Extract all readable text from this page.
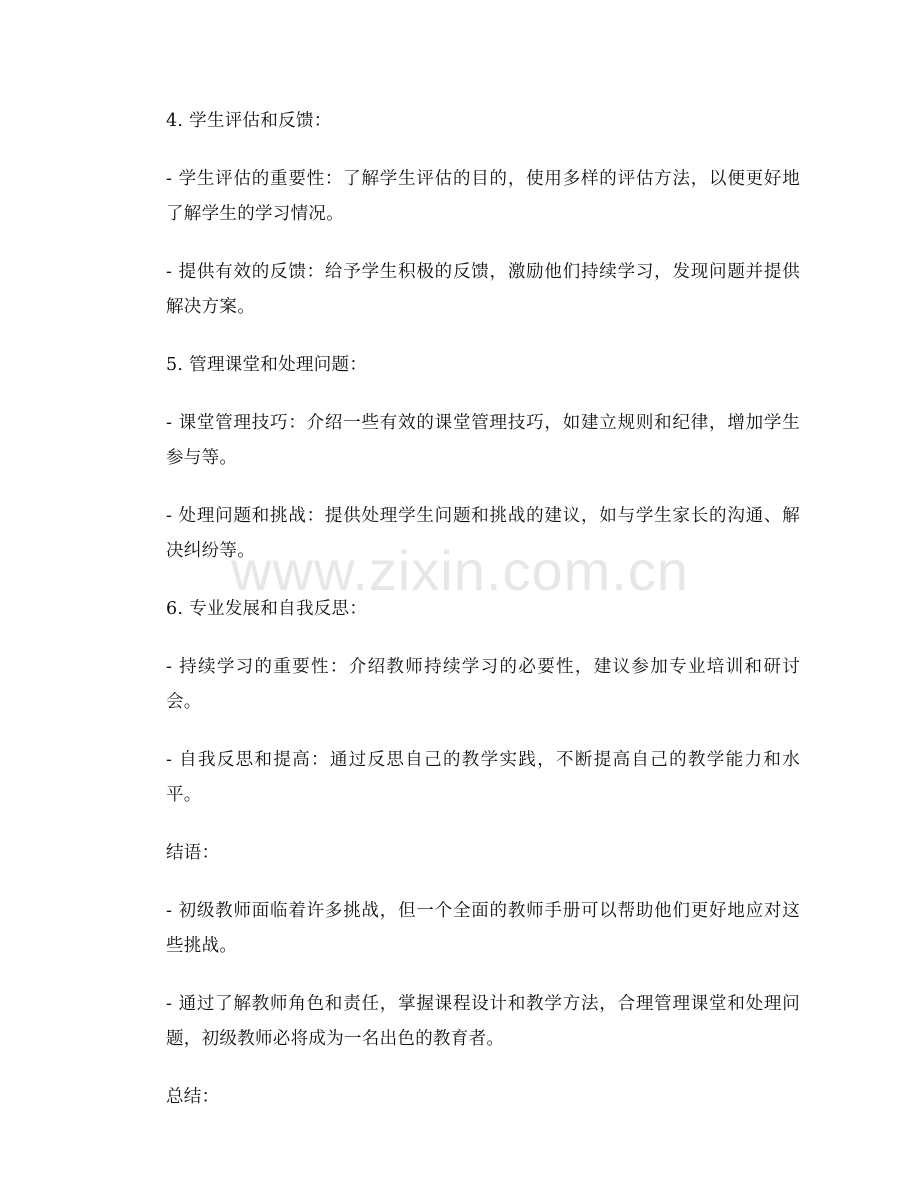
www.zixin.com.cn

4. 学生评估和反馈：

- 学生评估的重要性：了解学生评估的目的，使用多样的评估方法，以便更好地了解学生的学习情况。

- 提供有效的反馈：给予学生积极的反馈，激励他们持续学习，发现问题并提供解决方案。

5. 管理课堂和处理问题：

- 课堂管理技巧：介绍一些有效的课堂管理技巧，如建立规则和纪律，增加学生参与等。

- 处理问题和挑战：提供处理学生问题和挑战的建议，如与学生家长的沟通、解决纠纷等。

6. 专业发展和自我反思：

- 持续学习的重要性：介绍教师持续学习的必要性，建议参加专业培训和研讨会。

- 自我反思和提高：通过反思自己的教学实践，不断提高自己的教学能力和水平。

结语：

- 初级教师面临着许多挑战，但一个全面的教师手册可以帮助他们更好地应对这些挑战。

- 通过了解教师角色和责任，掌握课程设计和教学方法，合理管理课堂和处理问题，初级教师必将成为一名出色的教育者。

总结：
